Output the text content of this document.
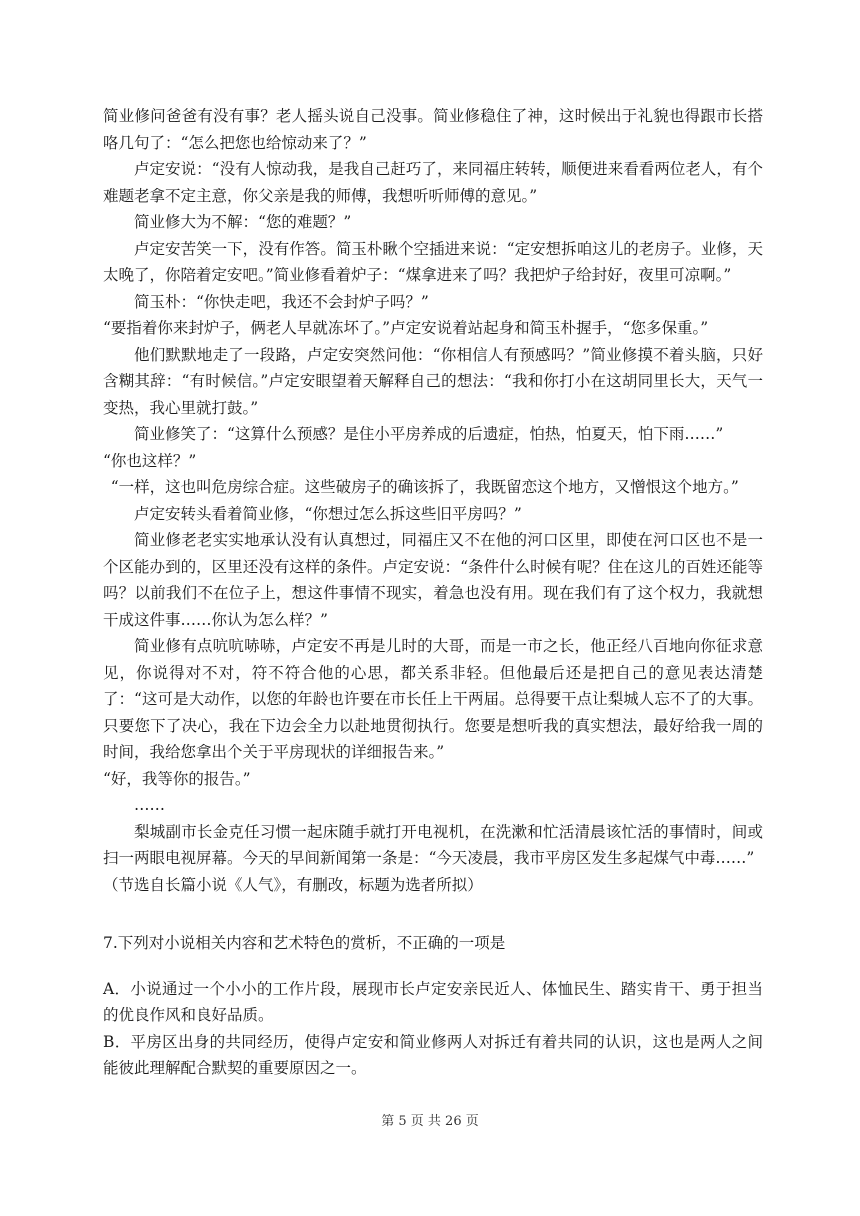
简业修问爸爸有没有事？老人摇头说自己没事。简业修稳住了神，这时候出于礼貌也得跟市长搭咯几句了：“怎么把您也给惊动来了？”

卢定安说：“没有人惊动我，是我自己赶巧了，来同福庄转转，顺便进来看看两位老人，有个难题老拿不定主意，你父亲是我的师傅，我想听听师傅的意见。”

简业修大为不解：“您的难题？”

卢定安苦笑一下，没有作答。简玉朴瞅个空插进来说：“定安想拆咱这儿的老房子。业修，天太晚了，你陪着定安吧。”简业修看着炉子：“煤拿进来了吗？我把炉子给封好，夜里可凉啊。”

简玉朴：“你快走吧，我还不会封炉子吗？”

“要指着你来封炉子，俩老人早就冻坏了。”卢定安说着站起身和简玉朴握手，“您多保重。”

他们默默地走了一段路，卢定安突然问他：“你相信人有预感吗？”简业修摸不着头脑，只好含糊其辞：“有时候信。”卢定安眼望着天解释自己的想法：“我和你打小在这胡同里长大，天气一变热，我心里就打鼓。”

简业修笑了：“这算什么预感？是住小平房养成的后遗症，怕热，怕夏天，怕下雨……”

“你也这样？”

“一样，这也叫危房综合症。这些破房子的确该拆了，我既留恋这个地方，又憎恨这个地方。”

卢定安转头看着简业修，“你想过怎么拆这些旧平房吗？”

简业修老老实实地承认没有认真想过，同福庄又不在他的河口区里，即使在河口区也不是一个区能办到的，区里还没有这样的条件。卢定安说：“条件什么时候有呢？住在这儿的百姓还能等吗？以前我们不在位子上，想这件事情不现实，着急也没有用。现在我们有了这个权力，我就想干成这件事……你认为怎么样？”

简业修有点吭吭哧哧，卢定安不再是儿时的大哥，而是一市之长，他正经八百地向你征求意见，你说得对不对，符不符合他的心思，都关系非轻。但他最后还是把自己的意见表达清楚了：“这可是大动作，以您的年龄也许要在市长任上干两届。总得要干点让梨城人忘不了的大事。只要您下了决心，我在下边会全力以赴地贯彻执行。您要是想听我的真实想法，最好给我一周的时间，我给您拿出个关于平房现状的详细报告来。”

“好，我等你的报告。”

……

梨城副市长金克任习惯一起床随手就打开电视机，在洗漱和忙活清晨该忙活的事情时，间或扫一两眼电视屏幕。今天的早间新闻第一条是：“今天凌晨，我市平房区发生多起煤气中毒……”

（节选自长篇小说《人气》，有删改，标题为选者所拟）

7.下列对小说相关内容和艺术特色的赏析，不正确的一项是

A．小说通过一个小小的工作片段，展现市长卢定安亲民近人、体恤民生、踏实肯干、勇于担当的优良作风和良好品质。

B．平房区出身的共同经历，使得卢定安和简业修两人对拆迁有着共同的认识，这也是两人之间能彼此理解配合默契的重要原因之一。

第 5 页 共 26 页
